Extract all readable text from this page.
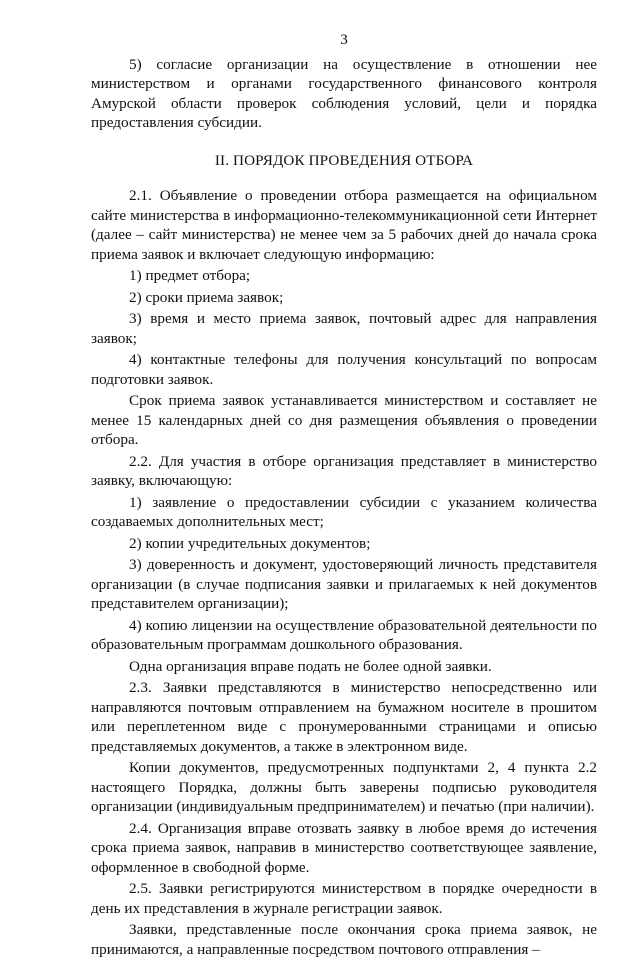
3

5) согласие организации на осуществление в отношении нее министерством и органами государственного финансового контроля Амурской области проверок соблюдения условий, цели и порядка предоставления субсидии.

II. ПОРЯДОК ПРОВЕДЕНИЯ ОТБОРА

2.1. Объявление о проведении отбора размещается на официальном сайте министерства в информационно-телекоммуникационной сети Интернет (далее – сайт министерства) не менее чем за 5 рабочих дней до начала срока приема заявок и включает следующую информацию:

1) предмет отбора;

2) сроки приема заявок;

3) время и место приема заявок, почтовый адрес для направления заявок;

4) контактные телефоны для получения консультаций по вопросам подготовки заявок.

Срок приема заявок устанавливается министерством и составляет не менее 15 календарных дней со дня размещения объявления о проведении отбора.

2.2. Для участия в отборе организация представляет в министерство заявку, включающую:

1) заявление о предоставлении субсидии с указанием количества создаваемых дополнительных мест;

2) копии учредительных документов;

3) доверенность и документ, удостоверяющий личность представителя организации (в случае подписания заявки и прилагаемых к ней документов представителем организации);

4) копию лицензии на осуществление образовательной деятельности по образовательным программам дошкольного образования.

Одна организация вправе подать не более одной заявки.

2.3. Заявки представляются в министерство непосредственно или направляются почтовым отправлением на бумажном носителе в прошитом или переплетенном виде с пронумерованными страницами и описью представляемых документов, а также в электронном виде.

Копии документов, предусмотренных подпунктами 2, 4 пункта 2.2 настоящего Порядка, должны быть заверены подписью руководителя организации (индивидуальным предпринимателем) и печатью (при наличии).

2.4. Организация вправе отозвать заявку в любое время до истечения срока приема заявок, направив в министерство соответствующее заявление, оформленное в свободной форме.

2.5. Заявки регистрируются министерством в порядке очередности в день их представления в журнале регистрации заявок.

Заявки, представленные после окончания срока приема заявок, не принимаются, а направленные посредством почтового отправления –
